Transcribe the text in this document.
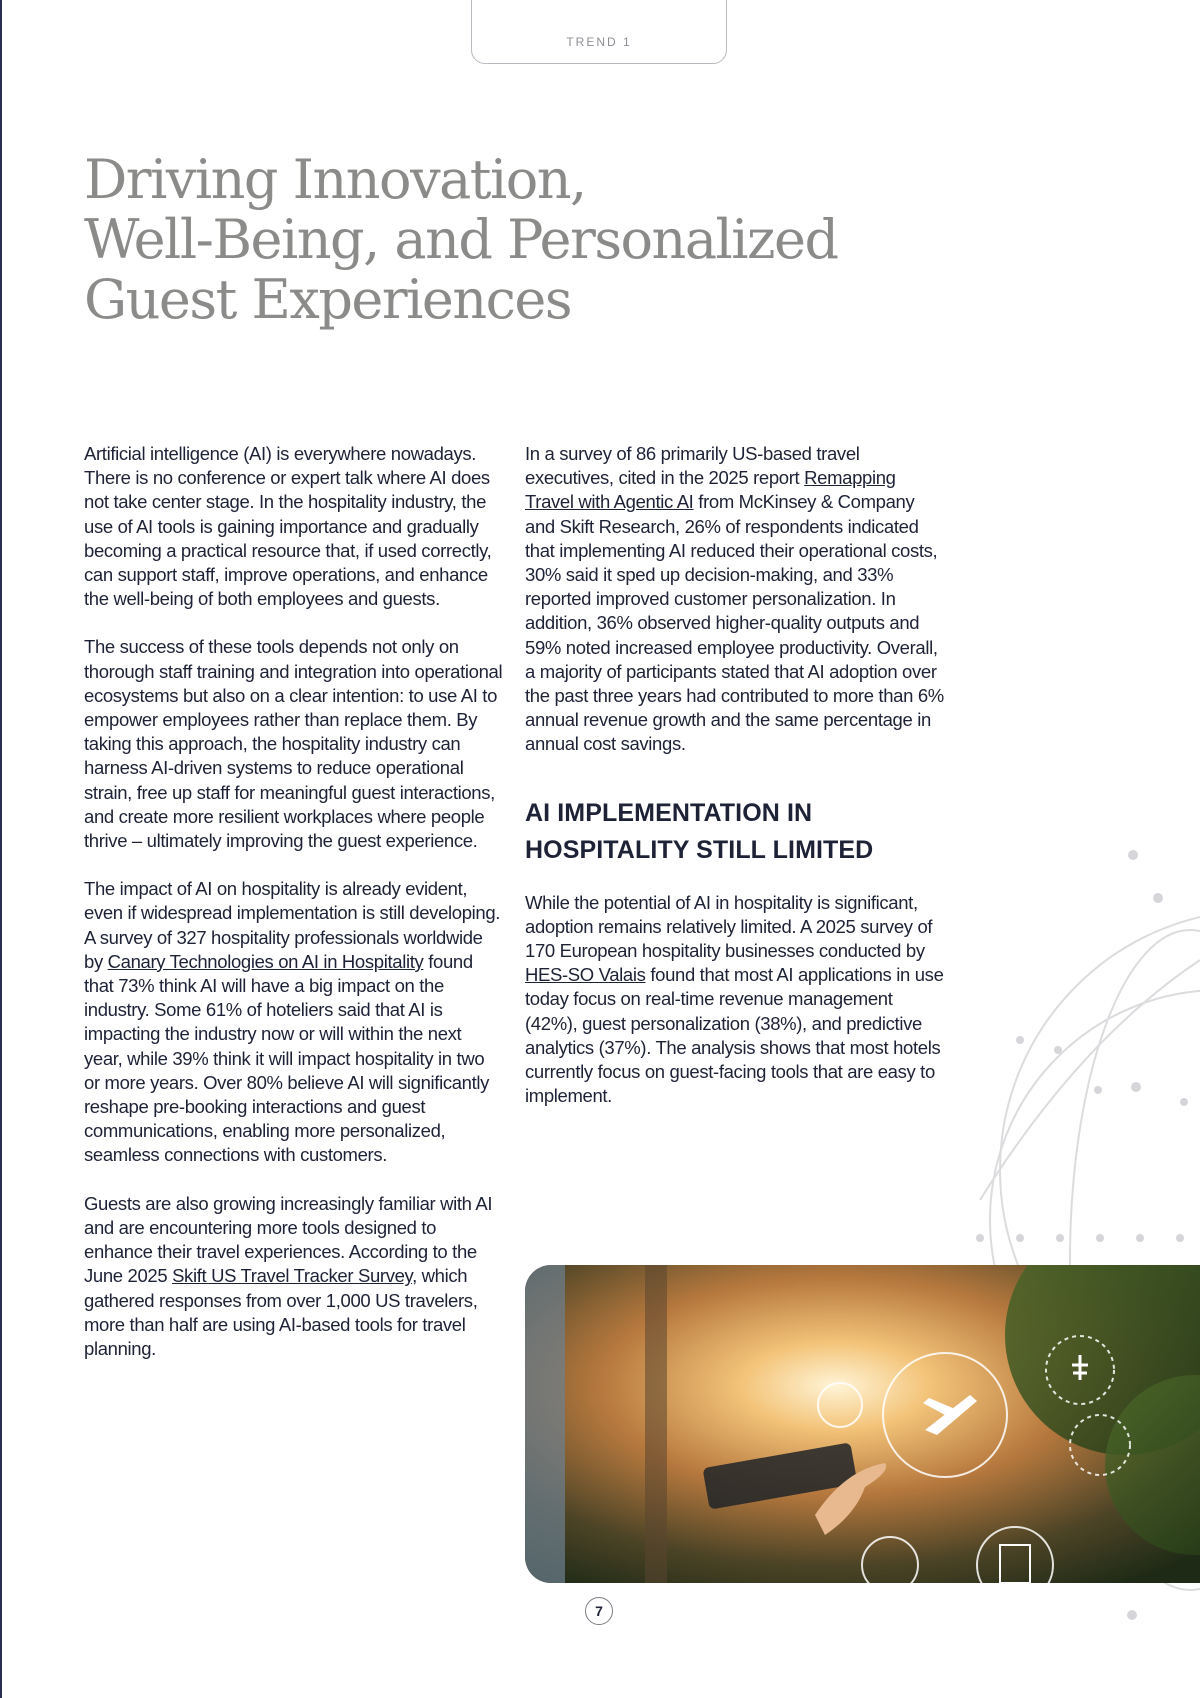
TREND 1
Driving Innovation,
Well-Being, and Personalized
Guest Experiences

Artificial intelligence (AI) is everywhere nowadays. There is no conference or expert talk where AI does not take center stage. In the hospitality industry, the use of AI tools is gaining importance and gradually becoming a practical resource that, if used correctly, can support staff, improve operations, and enhance the well-being of both employees and guests.

The success of these tools depends not only on thorough staff training and integration into operational ecosystems but also on a clear intention: to use AI to empower employees rather than replace them. By taking this approach, the hospitality industry can harness AI-driven systems to reduce operational strain, free up staff for meaningful guest interactions, and create more resilient workplaces where people thrive – ultimately improving the guest experience.

The impact of AI on hospitality is already evident, even if widespread implementation is still developing. A survey of 327 hospitality professionals worldwide by Canary Technologies on AI in Hospitality found that 73% think AI will have a big impact on the industry. Some 61% of hoteliers said that AI is impacting the industry now or will within the next year, while 39% think it will impact hospitality in two or more years. Over 80% believe AI will significantly reshape pre-booking interactions and guest communications, enabling more personalized, seamless connections with customers.

Guests are also growing increasingly familiar with AI and are encountering more tools designed to enhance their travel experiences. According to the June 2025 Skift US Travel Tracker Survey, which gathered responses from over 1,000 US travelers, more than half are using AI-based tools for travel planning.

In a survey of 86 primarily US-based travel executives, cited in the 2025 report Remapping Travel with Agentic AI from McKinsey & Company and Skift Research, 26% of respondents indicated that implementing AI reduced their operational costs, 30% said it sped up decision-making, and 33% reported improved customer personalization. In addition, 36% observed higher-quality outputs and 59% noted increased employee productivity. Overall, a majority of participants stated that AI adoption over the past three years had contributed to more than 6% annual revenue growth and the same percentage in annual cost savings.

AI IMPLEMENTATION IN
HOSPITALITY STILL LIMITED

While the potential of AI in hospitality is significant, adoption remains relatively limited. A 2025 survey of 170 European hospitality businesses conducted by HES-SO Valais found that most AI applications in use today focus on real-time revenue management (42%), guest personalization (38%), and predictive analytics (37%). The analysis shows that most hotels currently focus on guest-facing tools that are easy to implement.

7
